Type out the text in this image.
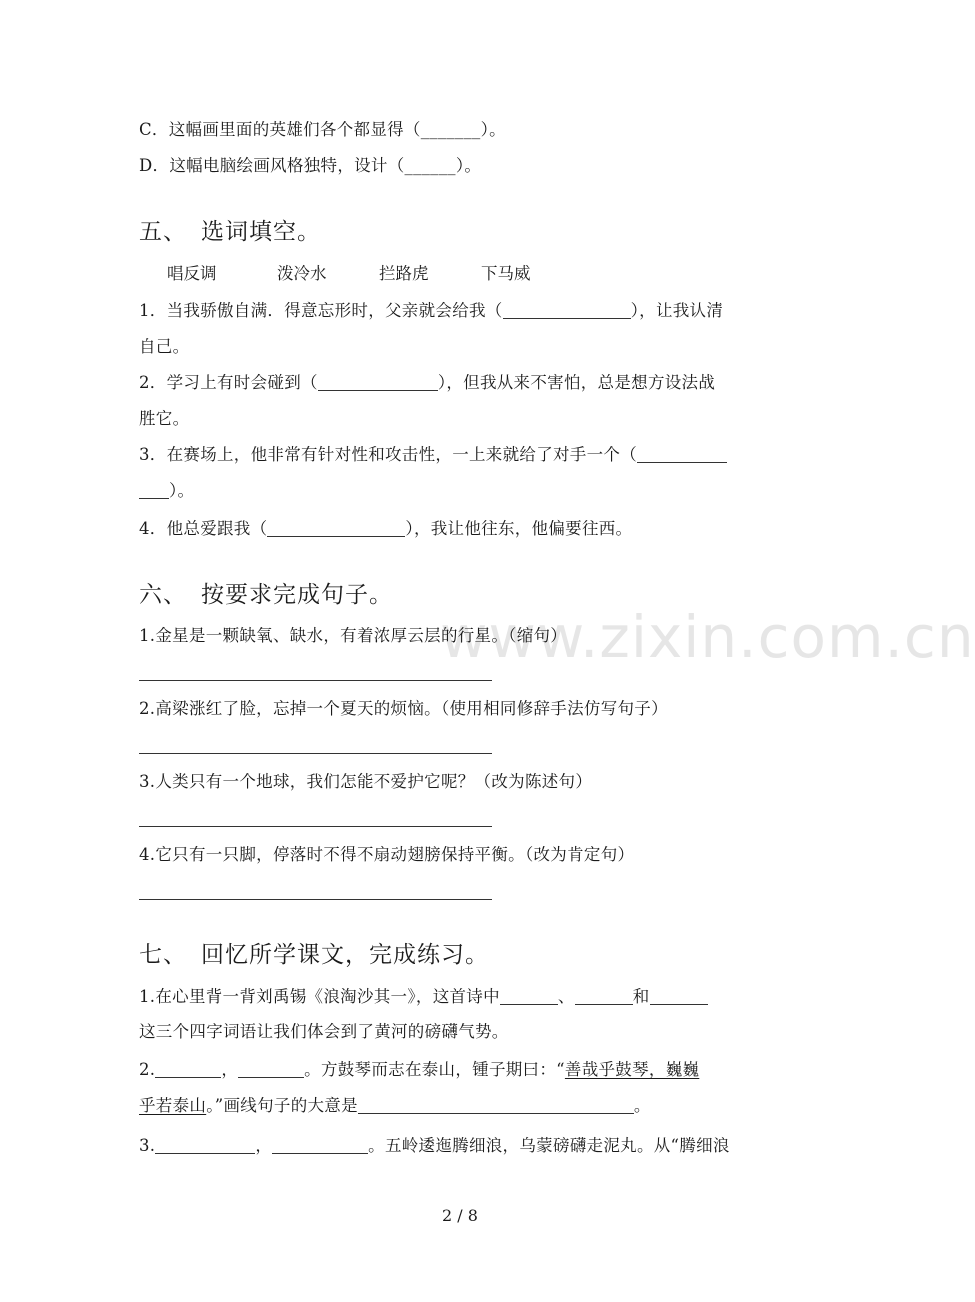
www.zixin.com.cn
C．这幅画里面的英雄们各个都显得（_______）。
D．这幅电脑绘画风格独特，设计（______）。
五、 选词填空。
唱反调	泼冷水	拦路虎	下马威
1．当我骄傲自满．得意忘形时，父亲就会给我（	），让我认清
自己。
2．学习上有时会碰到（	），但我从来不害怕，总是想方设法战
胜它。
3．在赛场上，他非常有针对性和攻击性，一上来就给了对手一个（
）。
4．他总爱跟我（	），我让他往东，他偏要往西。
六、 按要求完成句子。
1.金星是一颗缺氧、缺水，有着浓厚云层的行星。（缩句）
2.高梁涨红了脸，忘掉一个夏天的烦恼。（使用相同修辞手法仿写句子）
3.人类只有一个地球，我们怎能不爱护它呢？（改为陈述句）
4.它只有一只脚，停落时不得不扇动翅膀保持平衡。（改为肯定句）
七、 回忆所学课文，完成练习。
1.在心里背一背刘禹锡《浪淘沙其一》，这首诗中	、	和
这三个四字词语让我们体会到了黄河的磅礴气势。
2.	，	。方鼓琴而志在泰山，锺子期曰：“善哉乎鼓琴，巍巍
乎若泰山。”画线句子的大意是	。
3.	，	。五岭逶迤腾细浪，乌蒙磅礴走泥丸。从“腾细浪
2 / 8
